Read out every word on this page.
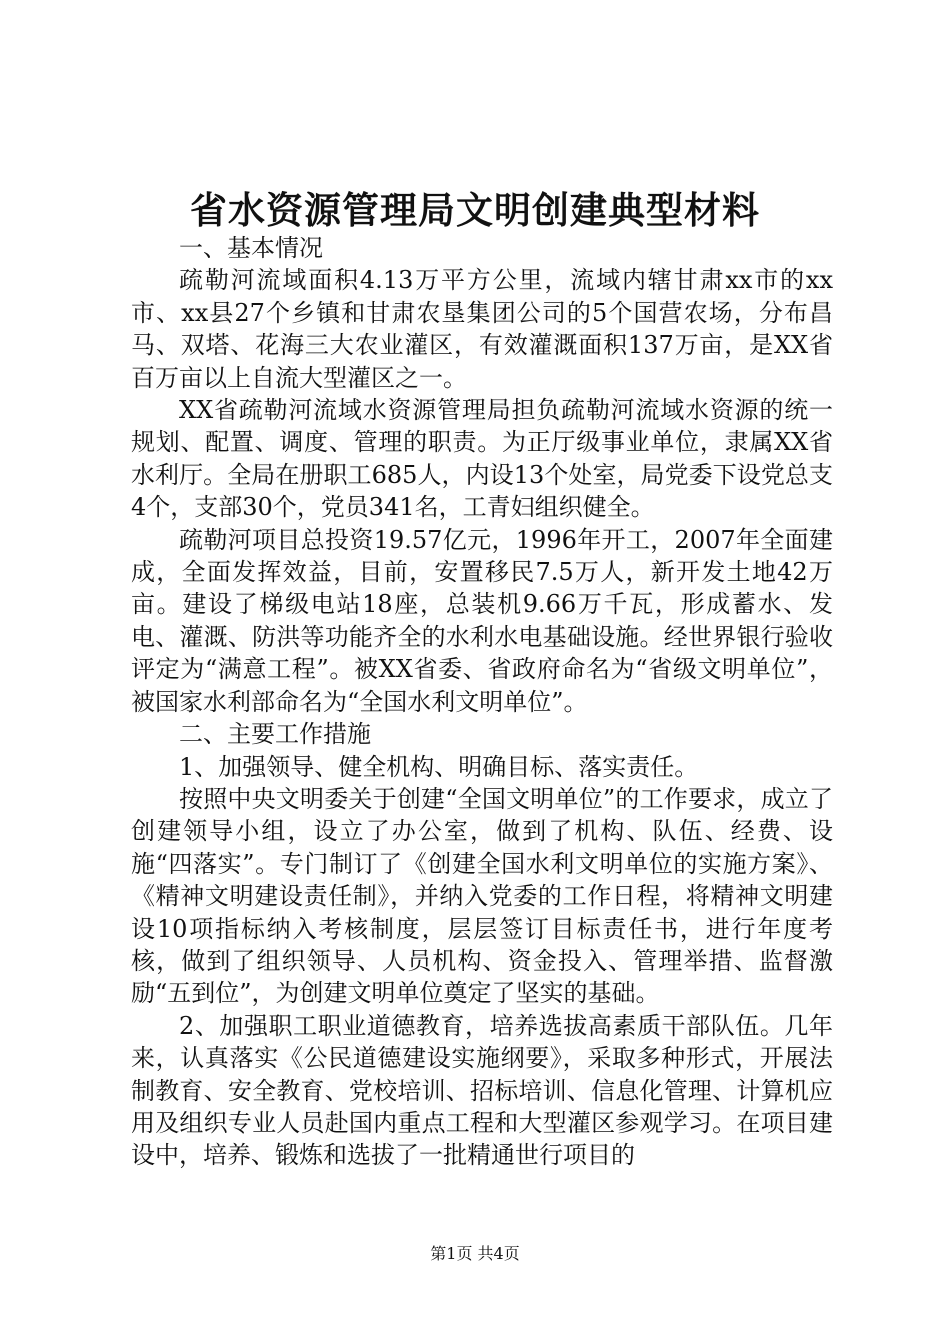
省水资源管理局文明创建典型材料

一、基本情况

疏勒河流域面积4.13万平方公里，流域内辖甘肃xx市的xx市、xx县27个乡镇和甘肃农垦集团公司的5个国营农场，分布昌马、双塔、花海三大农业灌区，有效灌溉面积137万亩，是XX省百万亩以上自流大型灌区之一。

XX省疏勒河流域水资源管理局担负疏勒河流域水资源的统一规划、配置、调度、管理的职责。为正厅级事业单位，隶属XX省水利厅。全局在册职工685人，内设13个处室，局党委下设党总支4个，支部30个，党员341名，工青妇组织健全。

疏勒河项目总投资19.57亿元，1996年开工，2007年全面建成，全面发挥效益，目前，安置移民7.5万人，新开发土地42万亩。建设了梯级电站18座，总装机9.66万千瓦，形成蓄水、发电、灌溉、防洪等功能齐全的水利水电基础设施。经世界银行验收评定为“满意工程”。被XX省委、省政府命名为“省级文明单位”，被国家水利部命名为“全国水利文明单位”。

二、主要工作措施

1、加强领导、健全机构、明确目标、落实责任。

按照中央文明委关于创建“全国文明单位”的工作要求，成立了创建领导小组，设立了办公室，做到了机构、队伍、经费、设施“四落实”。专门制订了《创建全国水利文明单位的实施方案》、《精神文明建设责任制》，并纳入党委的工作日程，将精神文明建设10项指标纳入考核制度，层层签订目标责任书，进行年度考核，做到了组织领导、人员机构、资金投入、管理举措、监督激励“五到位”，为创建文明单位奠定了坚实的基础。

2、加强职工职业道德教育，培养选拔高素质干部队伍。几年来，认真落实《公民道德建设实施纲要》，采取多种形式，开展法制教育、安全教育、党校培训、招标培训、信息化管理、计算机应用及组织专业人员赴国内重点工程和大型灌区参观学习。在项目建设中，培养、锻炼和选拔了一批精通世行项目的

第1页 共4页
